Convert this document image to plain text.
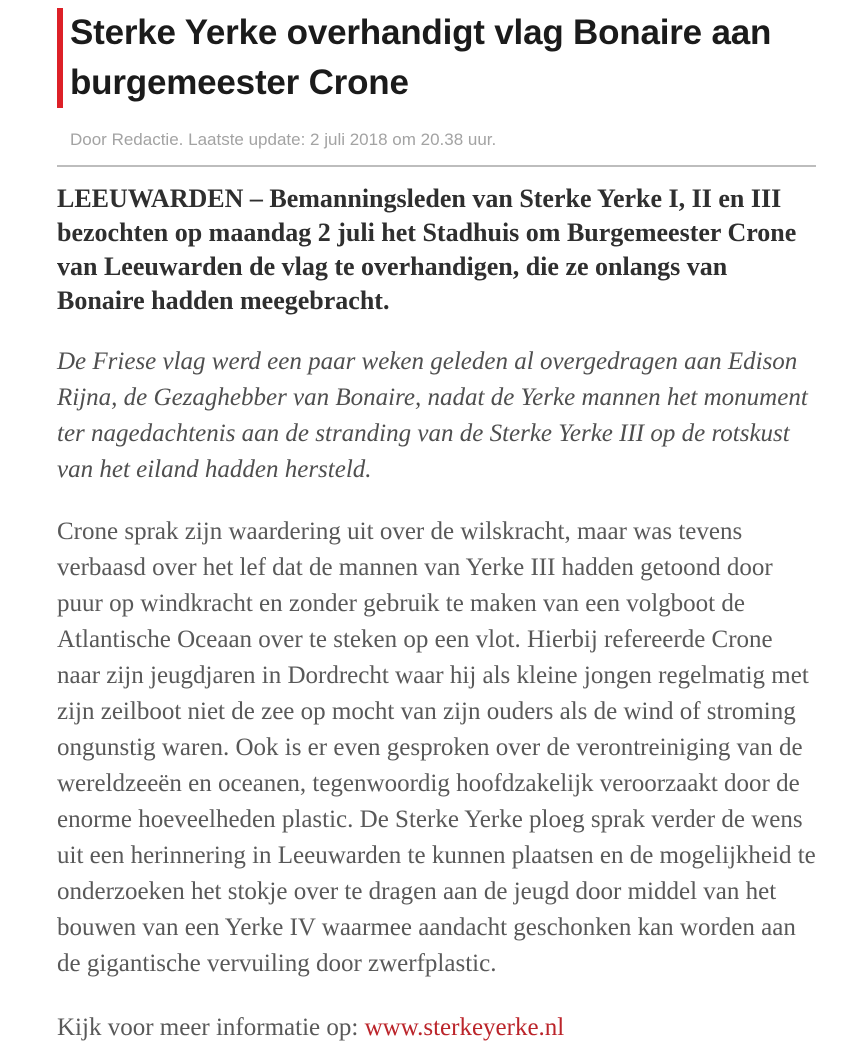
Sterke Yerke overhandigt vlag Bonaire aan burgemeester Crone
Door Redactie. Laatste update: 2 juli 2018 om 20.38 uur.

LEEUWARDEN – Bemanningsleden van Sterke Yerke I, II en III bezochten op maandag 2 juli het Stadhuis om Burgemeester Crone van Leeuwarden de vlag te overhandigen, die ze onlangs van Bonaire hadden meegebracht.

De Friese vlag werd een paar weken geleden al overgedragen aan Edison Rijna, de Gezaghebber van Bonaire, nadat de Yerke mannen het monument ter nagedachtenis aan de stranding van de Sterke Yerke III op de rotskust van het eiland hadden hersteld.

Crone sprak zijn waardering uit over de wilskracht, maar was tevens verbaasd over het lef dat de mannen van Yerke III hadden getoond door puur op windkracht en zonder gebruik te maken van een volgboot de Atlantische Oceaan over te steken op een vlot. Hierbij refereerde Crone naar zijn jeugdjaren in Dordrecht waar hij als kleine jongen regelmatig met zijn zeilboot niet de zee op mocht van zijn ouders als de wind of stroming ongunstig waren. Ook is er even gesproken over de verontreiniging van de wereldzeeën en oceanen, tegenwoordig hoofdzakelijk veroorzaakt door de enorme hoeveelheden plastic. De Sterke Yerke ploeg sprak verder de wens uit een herinnering in Leeuwarden te kunnen plaatsen en de mogelijkheid te onderzoeken het stokje over te dragen aan de jeugd door middel van het bouwen van een Yerke IV waarmee aandacht geschonken kan worden aan de gigantische vervuiling door zwerfplastic.

Kijk voor meer informatie op: www.sterkeyerke.nl
